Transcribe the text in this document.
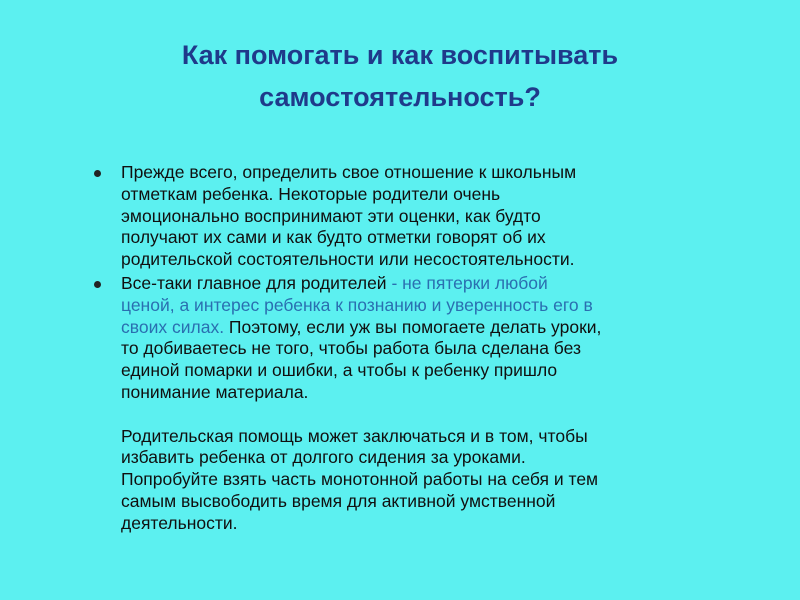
Как помогать и как воспитывать
самостоятельность?
Прежде всего, определить свое отношение к школьным
отметкам ребенка. Некоторые родители очень
эмоционально воспринимают эти оценки, как будто
получают их сами и как будто отметки говорят об их
родительской состоятельности или несостоятельности.
Все-таки главное для родителей - не пятерки любой
ценой, а интерес ребенка к познанию и уверенность его в
своих силах. Поэтому, если уж вы помогаете делать уроки,
то добиваетесь не того, чтобы работа была сделана без
единой помарки и ошибки, а чтобы к ребенку пришло
понимание материала.
Родительская помощь может заключаться и в том, чтобы
избавить ребенка от долгого сидения за уроками.
Попробуйте взять часть монотонной работы на себя и тем
самым высвободить время для активной умственной
деятельности.
